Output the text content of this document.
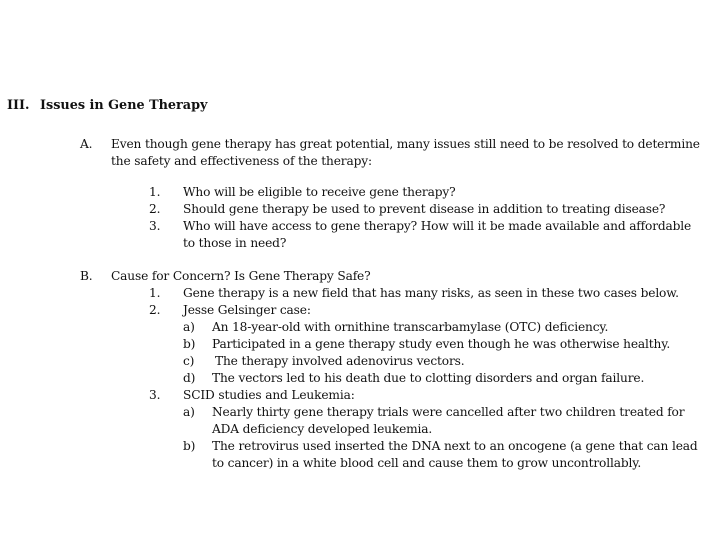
III. Issues in Gene Therapy
A. Even though gene therapy has great potential, many issues still need to be resolved to determine
the safety and effectiveness of the therapy:
1. Who will be eligible to receive gene therapy?
2. Should gene therapy be used to prevent disease in addition to treating disease?
3. Who will have access to gene therapy? How will it be made available and affordable
to those in need?
B. Cause for Concern? Is Gene Therapy Safe?
1. Gene therapy is a new field that has many risks, as seen in these two cases below.
2. Jesse Gelsinger case:
a) An 18-year-old with ornithine transcarbamylase (OTC) deficiency.
b) Participated in a gene therapy study even though he was otherwise healthy.
c) The therapy involved adenovirus vectors.
d) The vectors led to his death due to clotting disorders and organ failure.
3. SCID studies and Leukemia:
a) Nearly thirty gene therapy trials were cancelled after two children treated for
ADA deficiency developed leukemia.
b) The retrovirus used inserted the DNA next to an oncogene (a gene that can lead
to cancer) in a white blood cell and cause them to grow uncontrollably.
